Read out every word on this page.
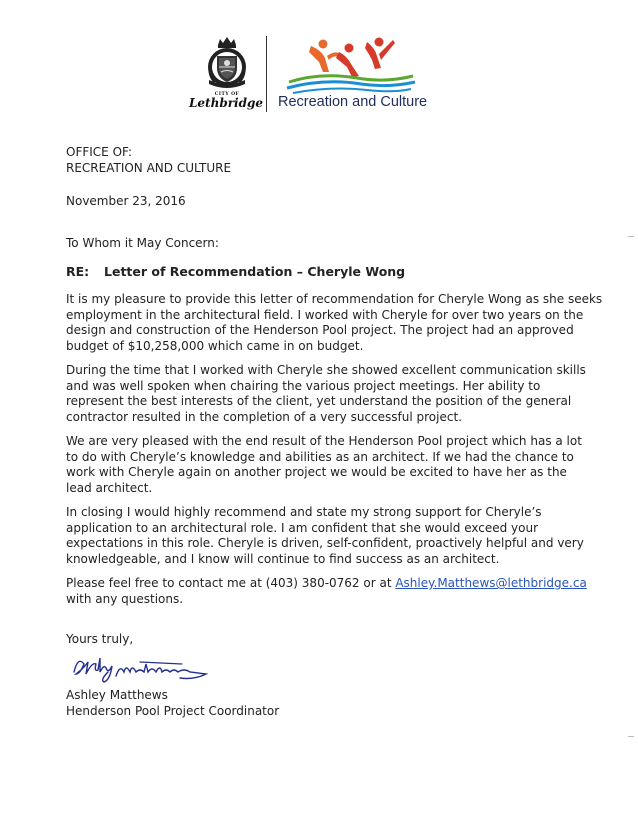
CITY OF
Lethbridge Recreation and Culture
OFFICE OF:
RECREATION AND CULTURE
November 23, 2016
To Whom it May Concern:
RE: Letter of Recommendation – Cheryle Wong
It is my pleasure to provide this letter of recommendation for Cheryle Wong as she seeks
employment in the architectural field. I worked with Cheryle for over two years on the
design and construction of the Henderson Pool project. The project had an approved
budget of $10,258,000 which came in on budget.
During the time that I worked with Cheryle she showed excellent communication skills
and was well spoken when chairing the various project meetings. Her ability to
represent the best interests of the client, yet understand the position of the general
contractor resulted in the completion of a very successful project.
We are very pleased with the end result of the Henderson Pool project which has a lot
to do with Cheryle’s knowledge and abilities as an architect. If we had the chance to
work with Cheryle again on another project we would be excited to have her as the
lead architect.
In closing I would highly recommend and state my strong support for Cheryle’s
application to an architectural role. I am confident that she would exceed your
expectations in this role. Cheryle is driven, self-confident, proactively helpful and very
knowledgeable, and I know will continue to find success as an architect.
Please feel free to contact me at (403) 380-0762 or at Ashley.Matthews@lethbridge.ca
with any questions.
Yours truly,
Ashley Matthews
Henderson Pool Project Coordinator
